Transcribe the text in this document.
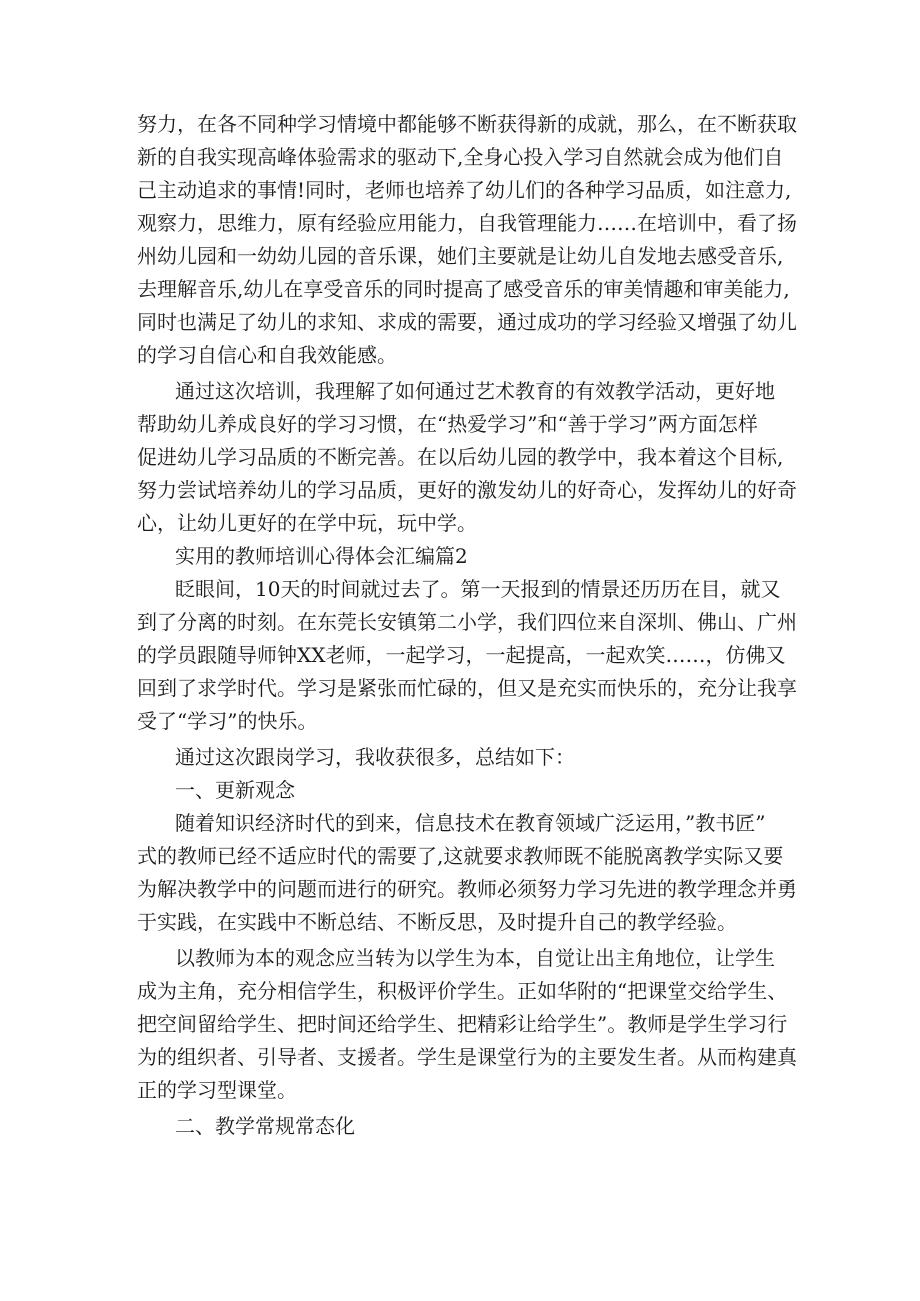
努力，在各不同种学习情境中都能够不断获得新的成就，那么，在不断获取
新的自我实现高峰体验需求的驱动下,全身心投入学习自然就会成为他们自
己主动追求的事情!同时，老师也培养了幼儿们的各种学习品质，如注意力,
观察力，思维力，原有经验应用能力，自我管理能力……在培训中，看了扬
州幼儿园和一幼幼儿园的音乐课，她们主要就是让幼儿自发地去感受音乐,
去理解音乐,幼儿在享受音乐的同时提高了感受音乐的审美情趣和审美能力,
同时也满足了幼儿的求知、求成的需要，通过成功的学习经验又增强了幼儿
的学习自信心和自我效能感。
通过这次培训，我理解了如何通过艺术教育的有效教学活动，更好地
帮助幼儿养成良好的学习习惯，在“热爱学习”和“善于学习”两方面怎样
促进幼儿学习品质的不断完善。在以后幼儿园的教学中，我本着这个目标,
努力尝试培养幼儿的学习品质，更好的激发幼儿的好奇心，发挥幼儿的好奇
心，让幼儿更好的在学中玩，玩中学。
实用的教师培训心得体会汇编篇2
眨眼间，10天的时间就过去了。第一天报到的情景还历历在目，就又
到了分离的时刻。在东莞长安镇第二小学，我们四位来自深圳、佛山、广州
的学员跟随导师钟XX老师，一起学习，一起提高，一起欢笑……，仿佛又
回到了求学时代。学习是紧张而忙碌的，但又是充实而快乐的，充分让我享
受了“学习”的快乐。
通过这次跟岗学习，我收获很多，总结如下：
一、更新观念
随着知识经济时代的到来，信息技术在教育领域广泛运用，”教书匠”
式的教师已经不适应时代的需要了,这就要求教师既不能脱离教学实际又要
为解决教学中的问题而进行的研究。教师必须努力学习先进的教学理念并勇
于实践，在实践中不断总结、不断反思，及时提升自己的教学经验。
以教师为本的观念应当转为以学生为本，自觉让出主角地位，让学生
成为主角，充分相信学生，积极评价学生。正如华附的“把课堂交给学生、
把空间留给学生、把时间还给学生、把精彩让给学生”。教师是学生学习行
为的组织者、引导者、支援者。学生是课堂行为的主要发生者。从而构建真
正的学习型课堂。
二、教学常规常态化
